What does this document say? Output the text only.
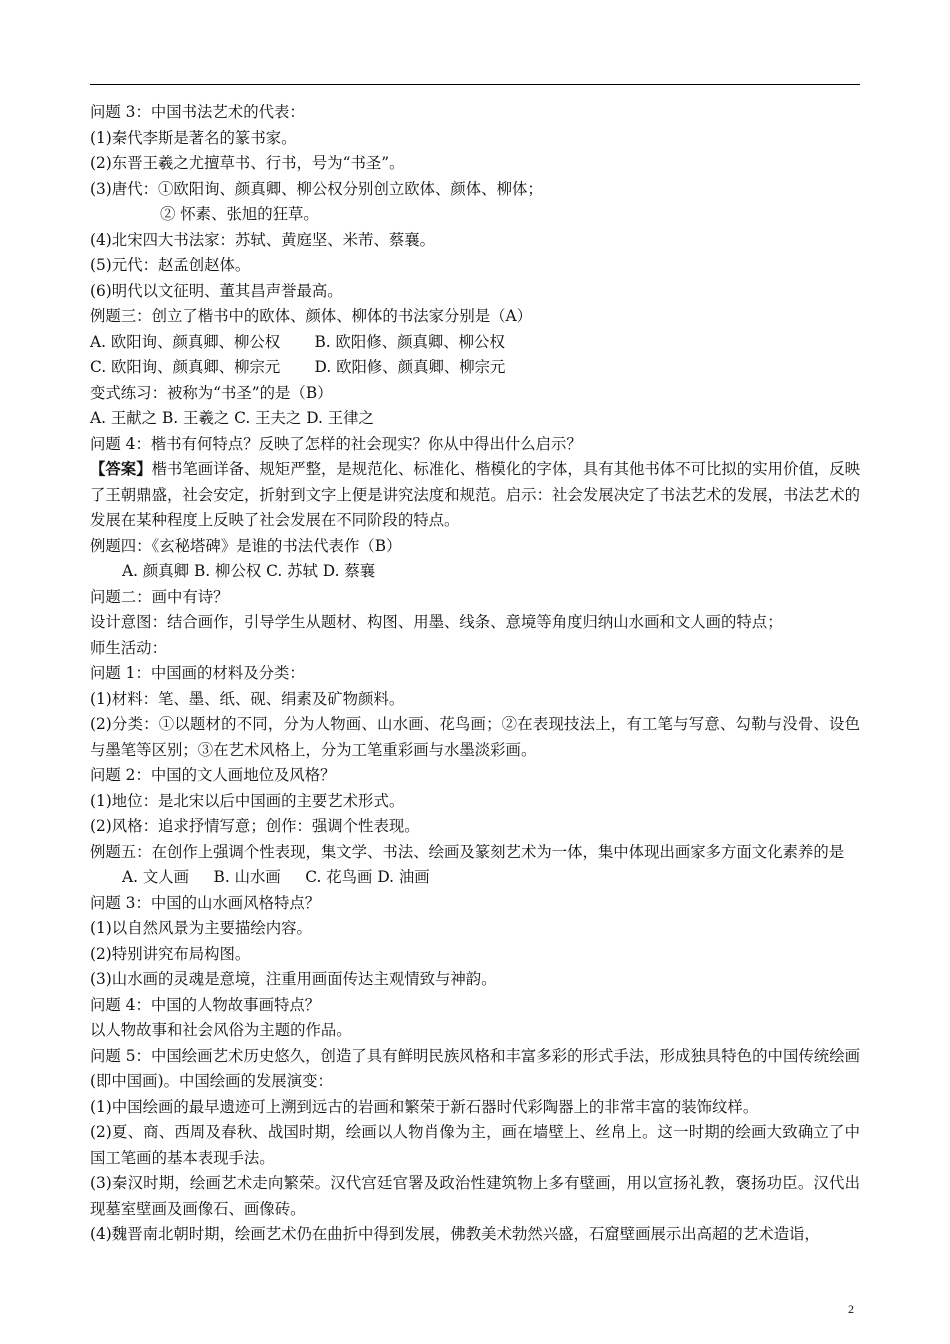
问题 3：中国书法艺术的代表：
(1)秦代李斯是著名的篆书家。
(2)东晋王羲之尤擅草书、行书，号为“书圣”。
(3)唐代：①欧阳询、颜真卿、柳公权分别创立欧体、颜体、柳体；
② 怀素、张旭的狂草。
(4)北宋四大书法家：苏轼、黄庭坚、米芾、蔡襄。
(5)元代：赵孟创赵体。
(6)明代以文征明、董其昌声誉最高。
例题三：创立了楷书中的欧体、颜体、柳体的书法家分别是（A）
A. 欧阳询、颜真卿、柳公权       B. 欧阳修、颜真卿、柳公权
C. 欧阳询、颜真卿、柳宗元       D. 欧阳修、颜真卿、柳宗元
变式练习：被称为“书圣”的是（B）
A. 王献之 B. 王羲之 C. 王夫之 D. 王律之
问题 4：楷书有何特点？反映了怎样的社会现实？你从中得出什么启示？
【答案】楷书笔画详备、规矩严整，是规范化、标准化、楷模化的字体，具有其他书体不可比拟的实用价值，反映了王朝鼎盛，社会安定，折射到文字上便是讲究法度和规范。启示：社会发展决定了书法艺术的发展，书法艺术的发展在某种程度上反映了社会发展在不同阶段的特点。
例题四：《玄秘塔碑》是谁的书法代表作（B）
A. 颜真卿 B. 柳公权 C. 苏轼 D. 蔡襄
问题二：画中有诗？
设计意图：结合画作，引导学生从题材、构图、用墨、线条、意境等角度归纳山水画和文人画的特点；
师生活动：
问题 1：中国画的材料及分类：
(1)材料：笔、墨、纸、砚、绢素及矿物颜料。
(2)分类：①以题材的不同，分为人物画、山水画、花鸟画；②在表现技法上，有工笔与写意、勾勒与没骨、设色与墨笔等区别；③在艺术风格上，分为工笔重彩画与水墨淡彩画。
问题 2：中国的文人画地位及风格？
(1)地位：是北宋以后中国画的主要艺术形式。
(2)风格：追求抒情写意；创作：强调个性表现。
例题五：在创作上强调个性表现，集文学、书法、绘画及篆刻艺术为一体，集中体现出画家多方面文化素养的是
A. 文人画     B. 山水画     C. 花鸟画 D. 油画
问题 3：中国的山水画风格特点？
(1)以自然风景为主要描绘内容。
(2)特别讲究布局构图。
(3)山水画的灵魂是意境，注重用画面传达主观情致与神韵。
问题 4：中国的人物故事画特点？
以人物故事和社会风俗为主题的作品。
问题 5：中国绘画艺术历史悠久，创造了具有鲜明民族风格和丰富多彩的形式手法，形成独具特色的中国传统绘画(即中国画)。中国绘画的发展演变：
(1)中国绘画的最早遗迹可上溯到远古的岩画和繁荣于新石器时代彩陶器上的非常丰富的装饰纹样。
(2)夏、商、西周及春秋、战国时期，绘画以人物肖像为主，画在墙壁上、丝帛上。这一时期的绘画大致确立了中国工笔画的基本表现手法。
(3)秦汉时期，绘画艺术走向繁荣。汉代宫廷官署及政治性建筑物上多有壁画，用以宣扬礼教，褒扬功臣。汉代出现墓室壁画及画像石、画像砖。
(4)魏晋南北朝时期，绘画艺术仍在曲折中得到发展，佛教美术勃然兴盛，石窟壁画展示出高超的艺术造诣，
2
